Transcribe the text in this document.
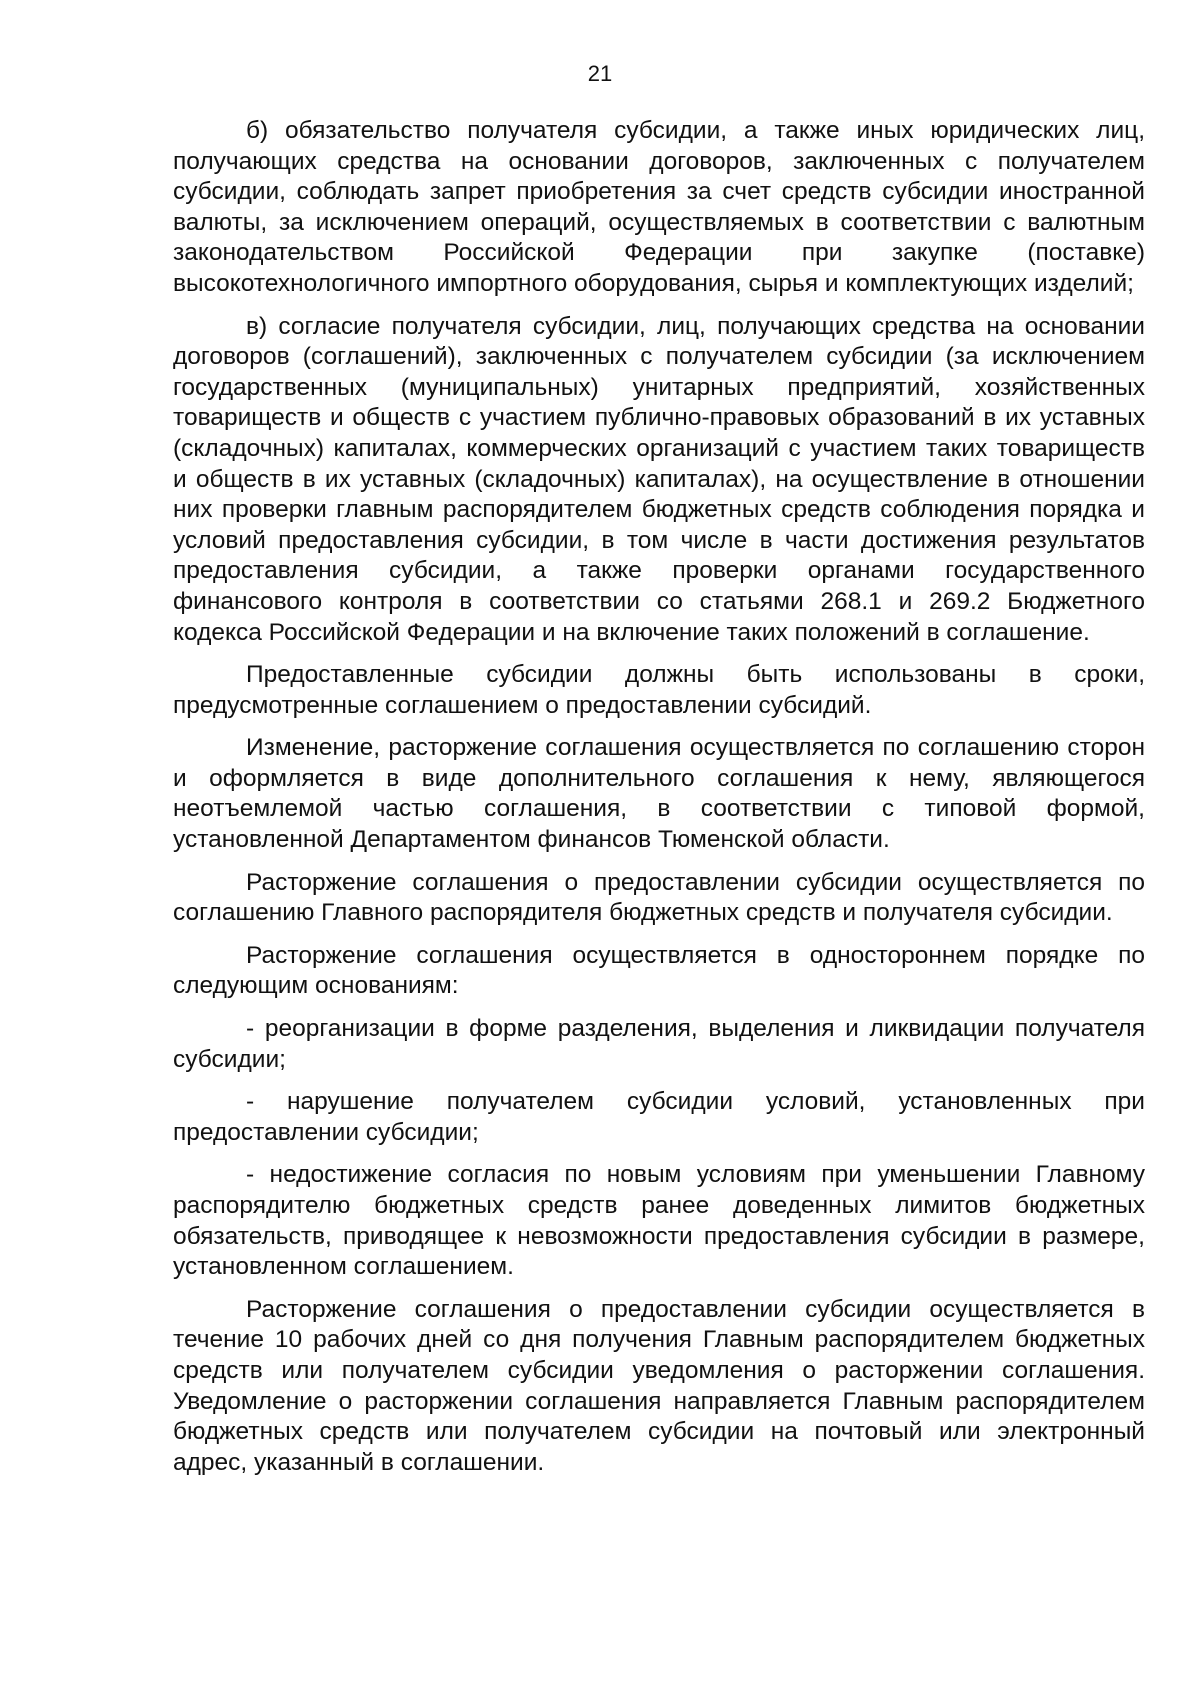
21

б) обязательство получателя субсидии, а также иных юридических лиц, получающих средства на основании договоров, заключенных с получателем субсидии, соблюдать запрет приобретения за счет средств субсидии иностранной валюты, за исключением операций, осуществляемых в соответствии с валютным законодательством Российской Федерации при закупке (поставке) высокотехнологичного импортного оборудования, сырья и комплектующих изделий;

в) согласие получателя субсидии, лиц, получающих средства на основании договоров (соглашений), заключенных с получателем субсидии (за исключением государственных (муниципальных) унитарных предприятий, хозяйственных товариществ и обществ с участием публично-правовых образований в их уставных (складочных) капиталах, коммерческих организаций с участием таких товариществ и обществ в их уставных (складочных) капиталах), на осуществление в отношении них проверки главным распорядителем бюджетных средств соблюдения порядка и условий предоставления субсидии, в том числе в части достижения результатов предоставления субсидии, а также проверки органами государственного финансового контроля в соответствии со статьями 268.1 и 269.2 Бюджетного кодекса Российской Федерации и на включение таких положений в соглашение.

Предоставленные субсидии должны быть использованы в сроки, предусмотренные соглашением о предоставлении субсидий.

Изменение, расторжение соглашения осуществляется по соглашению сторон и оформляется в виде дополнительного соглашения к нему, являющегося неотъемлемой частью соглашения, в соответствии с типовой формой, установленной Департаментом финансов Тюменской области.

Расторжение соглашения о предоставлении субсидии осуществляется по соглашению Главного распорядителя бюджетных средств и получателя субсидии.

Расторжение соглашения осуществляется в одностороннем порядке по следующим основаниям:

- реорганизации в форме разделения, выделения и ликвидации получателя субсидии;

- нарушение получателем субсидии условий, установленных при предоставлении субсидии;

- недостижение согласия по новым условиям при уменьшении Главному распорядителю бюджетных средств ранее доведенных лимитов бюджетных обязательств, приводящее к невозможности предоставления субсидии в размере, установленном соглашением.

Расторжение соглашения о предоставлении субсидии осуществляется в течение 10 рабочих дней со дня получения Главным распорядителем бюджетных средств или получателем субсидии уведомления о расторжении соглашения. Уведомление о расторжении соглашения направляется Главным распорядителем бюджетных средств или получателем субсидии на почтовый или электронный адрес, указанный в соглашении.
